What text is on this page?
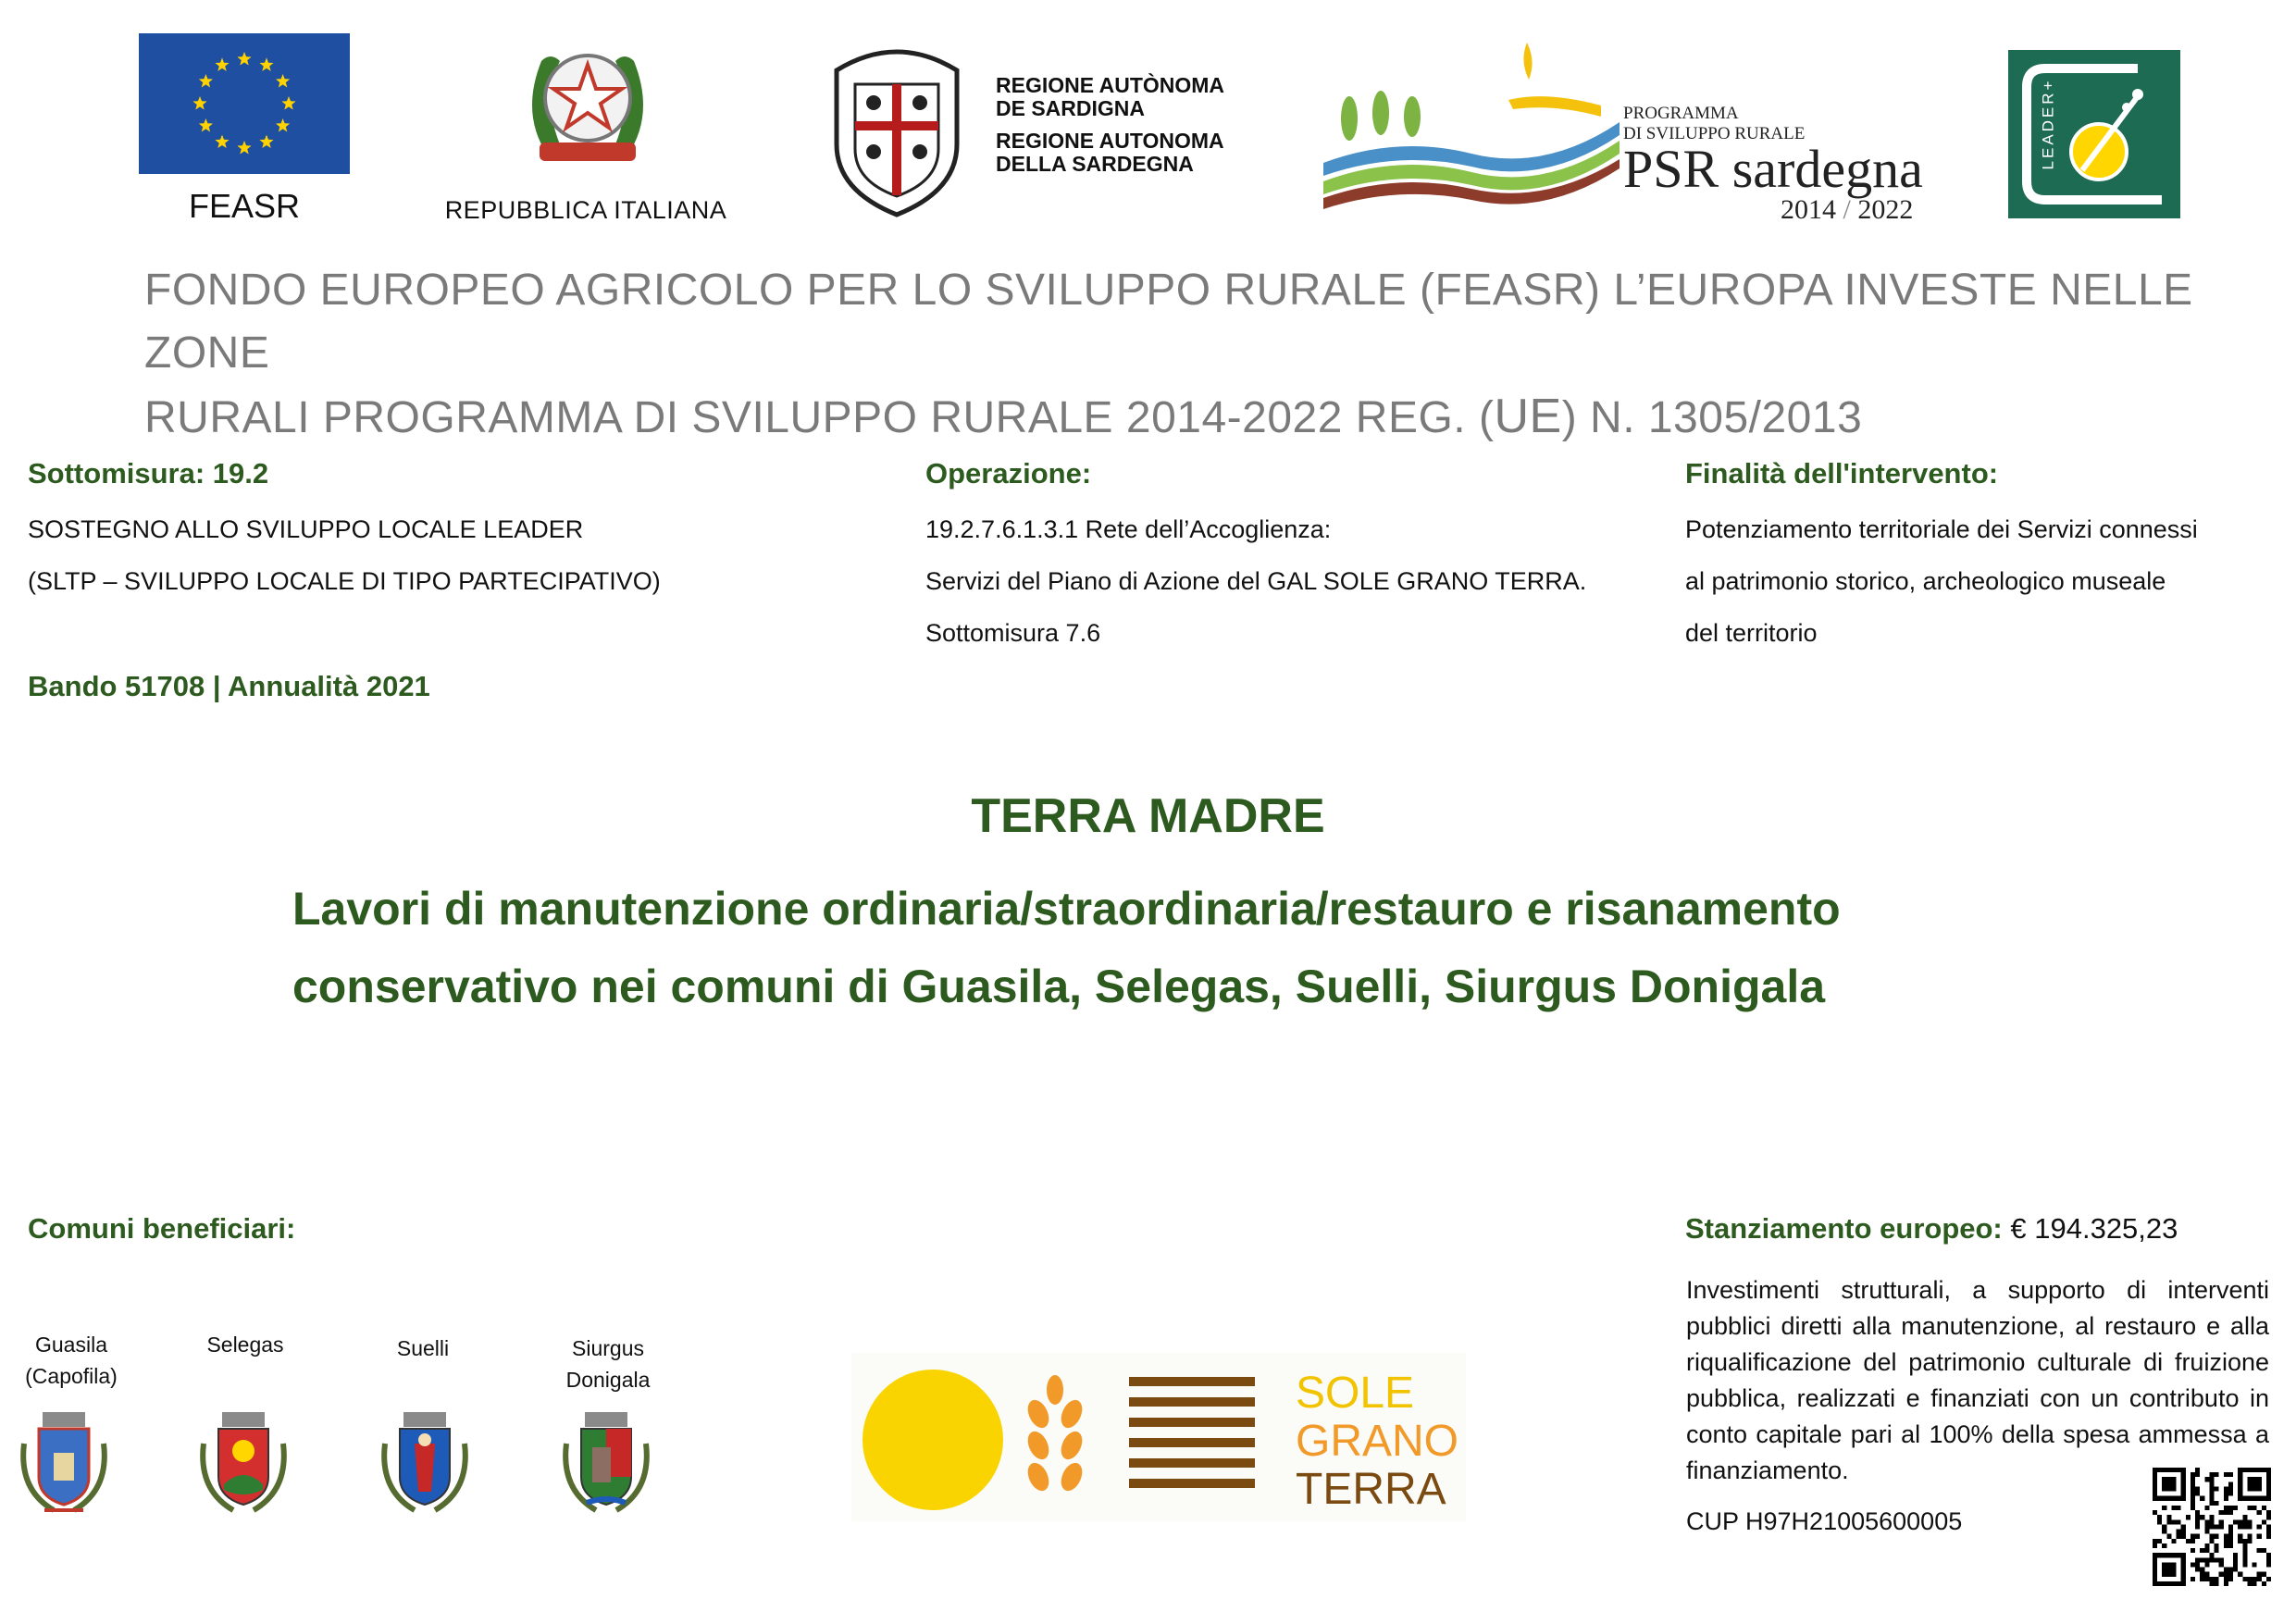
FEASR	REPUBBLICA ITALIANA
REGIONE AUTÒNOMA
DE SARDIGNA
REGIONE AUTONOMA
DELLA SARDEGNA
PROGRAMMA
DI SVILUPPO RURALE
PSR sardegna
2014 / 2022
LEADER+
FONDO EUROPEO AGRICOLO PER LO SVILUPPO RURALE (FEASR) L’EUROPA INVESTE NELLE ZONE
RURALI PROGRAMMA DI SVILUPPO RURALE 2014-2022 REG. (UE) N. 1305/2013
Sottomisura: 19.2
SOSTEGNO ALLO SVILUPPO LOCALE LEADER
(SLTP – SVILUPPO LOCALE DI TIPO PARTECIPATIVO)
Bando 51708 | Annualità 2021
Operazione:
19.2.7.6.1.3.1 Rete dell’Accoglienza:
Servizi del Piano di Azione del GAL SOLE GRANO TERRA.
Sottomisura 7.6
Finalità dell'intervento:
Potenziamento territoriale dei Servizi connessi
al patrimonio storico, archeologico museale
del territorio
TERRA MADRE
Lavori di manutenzione ordinaria/straordinaria/restauro e risanamento
conservativo nei comuni di Guasila, Selegas, Suelli, Siurgus Donigala
Comuni beneficiari:
Guasila
(Capofila)
Selegas	Suelli	Siurgus
Donigala	SOLE
GRANO
TERRA
Stanziamento europeo: € 194.325,23
Investimenti strutturali, a supporto di interventi pubblici diretti alla manutenzione, al restauro e alla riqualificazione del patrimonio culturale di fruizione pubblica, realizzati e finanziati con un contributo in conto capitale pari al 100% della spesa ammessa a finanziamento.
CUP H97H21005600005
